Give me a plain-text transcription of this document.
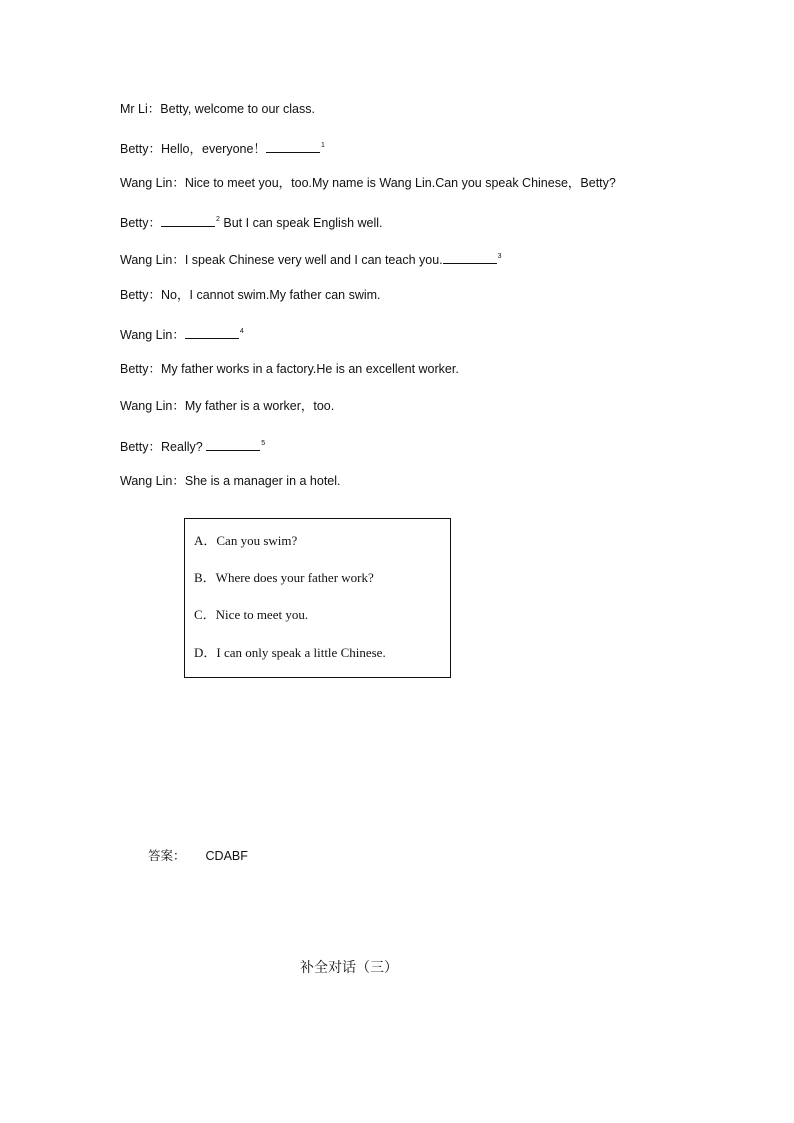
Mr Li：Betty, welcome to our class.
Betty：Hello，everyone！	$^1$
Wang Lin：Nice to meet you，too.My name is Wang Lin.Can you speak Chinese，Betty?
Betty：	$^2$ But I can speak English well.
Wang Lin：I speak Chinese very well and I can teach you.	$^3$
Betty：No，I cannot swim.My father can swim.
Wang Lin：	$^4$
Betty：My father works in a factory.He is an excellent worker.
Wang Lin：My father is a worker，too.
Betty：Really?	$^5$
Wang Lin：She is a manager in a hotel.
A．Can you swim?
B．Where does your father work?
C．Nice to meet you.
D．I can only speak a little Chinese.
答案： CDABF
补全对话（三）
